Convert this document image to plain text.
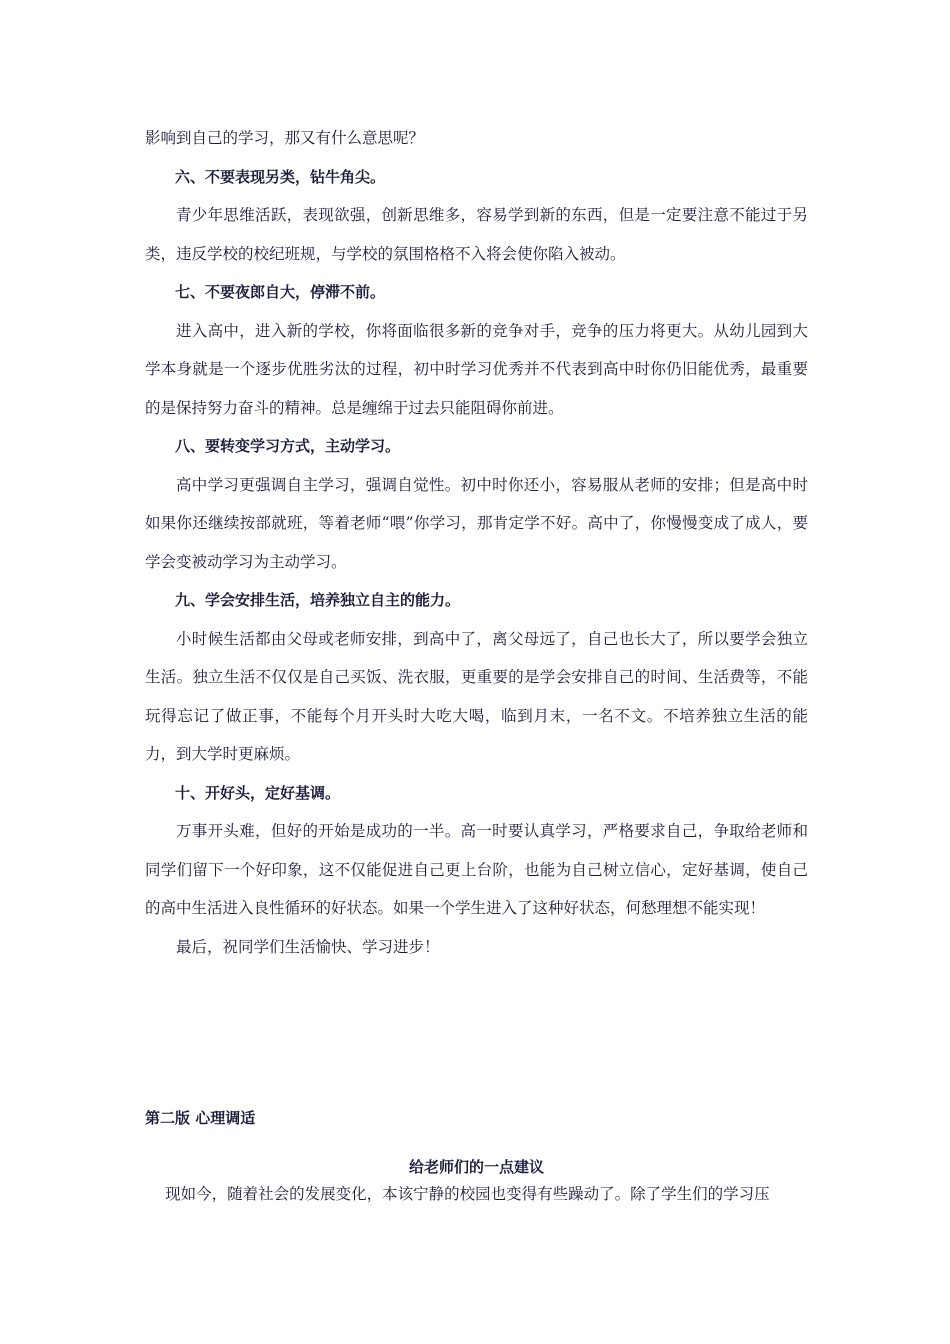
影响到自己的学习，那又有什么意思呢？

六、不要表现另类，钻牛角尖。

青少年思维活跃，表现欲强，创新思维多，容易学到新的东西，但是一定要注意不能过于另类，违反学校的校纪班规，与学校的氛围格格不入将会使你陷入被动。

七、不要夜郎自大，停滞不前。

进入高中，进入新的学校，你将面临很多新的竞争对手，竞争的压力将更大。从幼儿园到大学本身就是一个逐步优胜劣汰的过程，初中时学习优秀并不代表到高中时你仍旧能优秀，最重要的是保持努力奋斗的精神。总是缠绵于过去只能阻碍你前进。

八、要转变学习方式，主动学习。

高中学习更强调自主学习，强调自觉性。初中时你还小，容易服从老师的安排；但是高中时如果你还继续按部就班，等着老师“喂”你学习，那肯定学不好。高中了，你慢慢变成了成人，要学会变被动学习为主动学习。

九、学会安排生活，培养独立自主的能力。

小时候生活都由父母或老师安排，到高中了，离父母远了，自己也长大了，所以要学会独立生活。独立生活不仅仅是自己买饭、洗衣服，更重要的是学会安排自己的时间、生活费等，不能玩得忘记了做正事，不能每个月开头时大吃大喝，临到月末，一名不文。不培养独立生活的能力，到大学时更麻烦。

十、开好头，定好基调。

万事开头难，但好的开始是成功的一半。高一时要认真学习，严格要求自己，争取给老师和同学们留下一个好印象，这不仅能促进自己更上台阶，也能为自己树立信心，定好基调，使自己的高中生活进入良性循环的好状态。如果一个学生进入了这种好状态，何愁理想不能实现！

最后，祝同学们生活愉快、学习进步！

第二版 心理调适

给老师们的一点建议

现如今，随着社会的发展变化，本该宁静的校园也变得有些躁动了。除了学生们的学习压
